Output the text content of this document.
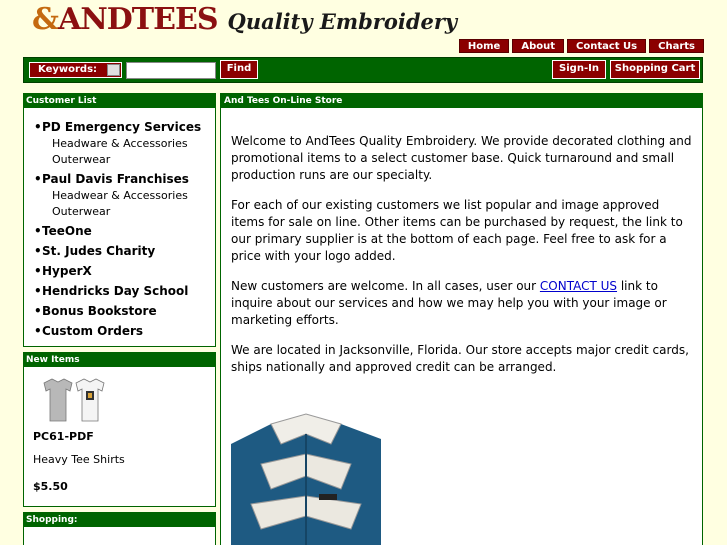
& ANDTEES Quality Embroidery
Home	About	Contact Us	Charts
Keywords:	Find	Sign-In	Shopping Cart
Customer List
•PD Emergency Services
Headware & Accessories
Outerwear
•Paul Davis Franchises
Headwear & Accessories
Outerwear
•TeeOne
•St. Judes Charity
•HyperX
•Hendricks Day School
•Bonus Bookstore
•Custom Orders
New Items
PC61-PDF
Heavy Tee Shirts
$5.50
Shopping:
And Tees On-Line Store

Welcome to AndTees Quality Embroidery. We provide decorated clothing and promotional items to a select customer base. Quick turnaround and small production runs are our specialty.

For each of our existing customers we list popular and image approved items for sale on line. Other items can be purchased by request, the link to our primary supplier is at the bottom of each page. Feel free to ask for a price with your logo added.

New customers are welcome. In all cases, user our CONTACT US link to inquire about our services and how we may help you with your image or marketing efforts.

We are located in Jacksonville, Florida. Our store accepts major credit cards, ships nationally and approved credit can be arranged.
